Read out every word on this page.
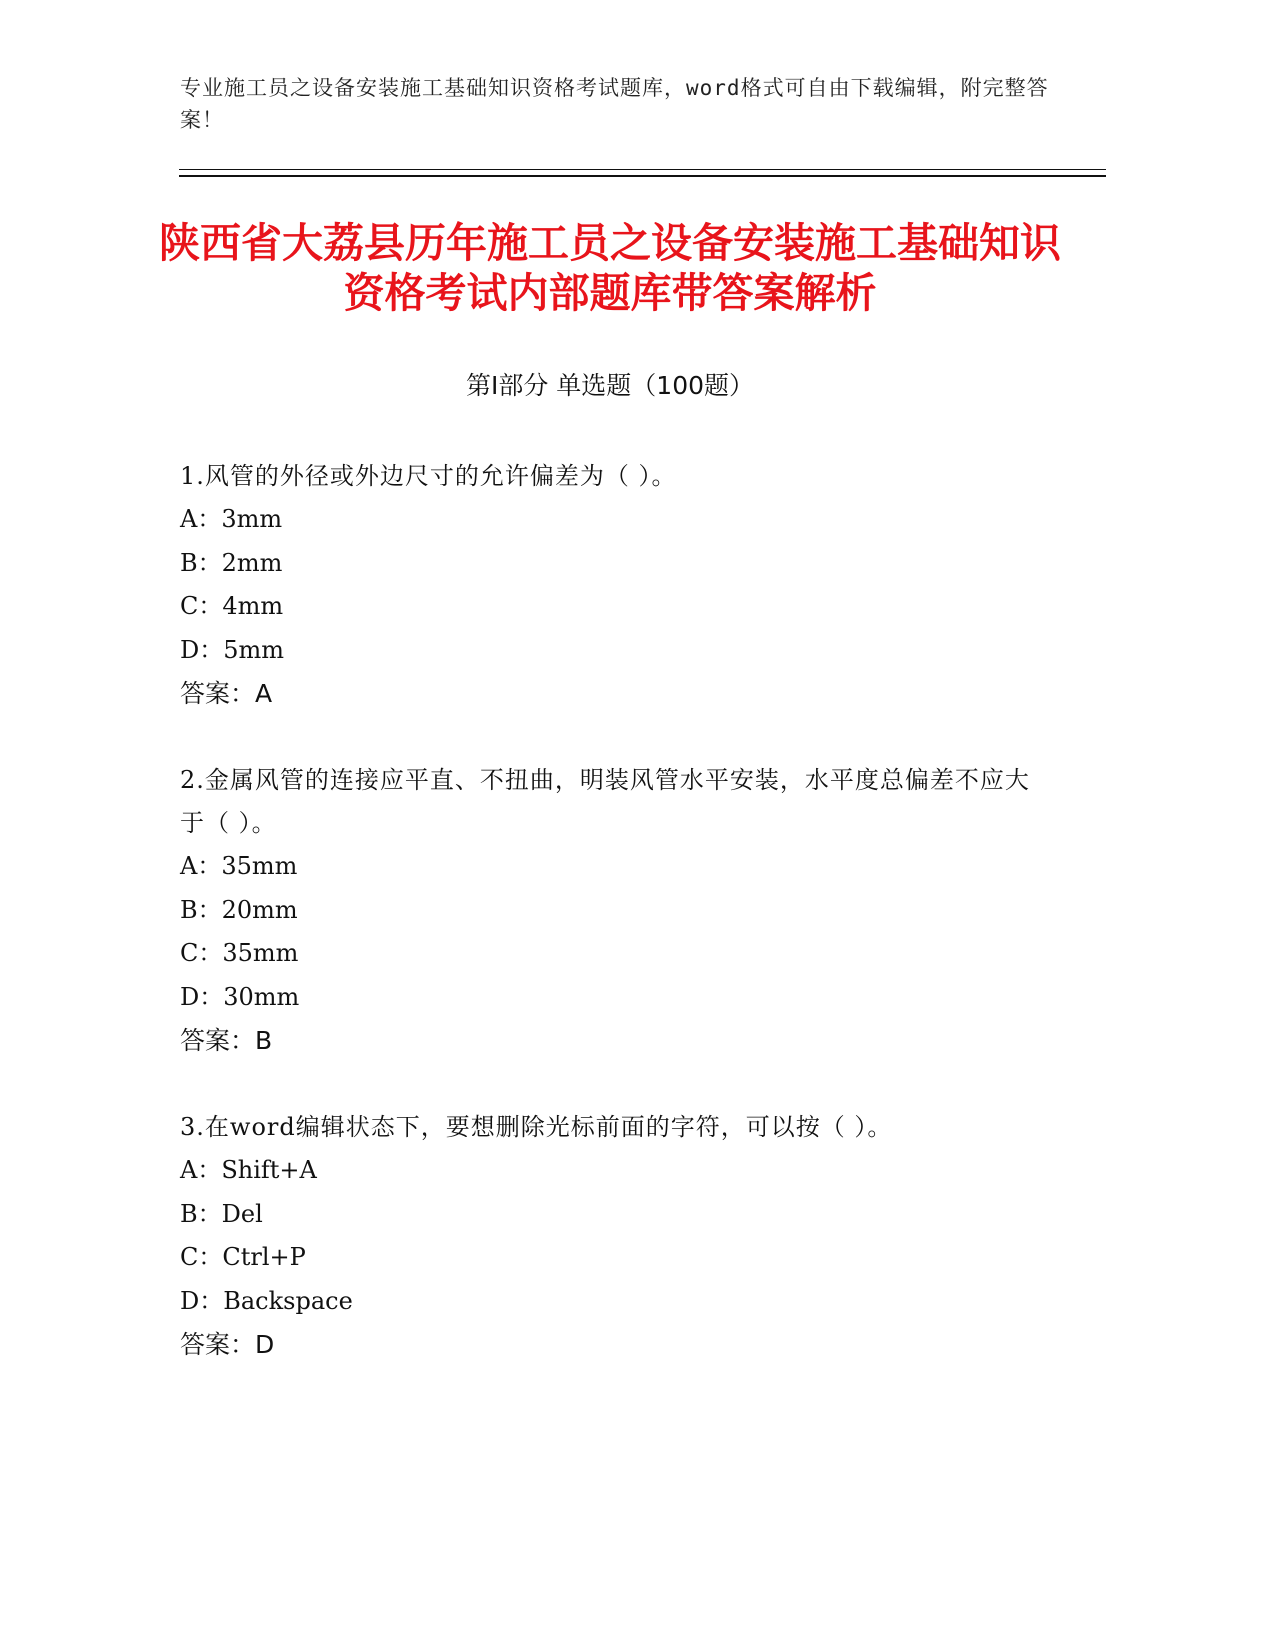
专业施工员之设备安装施工基础知识资格考试题库，word格式可自由下载编辑，附完整答案！
陕西省大荔县历年施工员之设备安装施工基础知识资格考试内部题库带答案解析
第Ⅰ部分 单选题（100题）

1.风管的外径或外边尺寸的允许偏差为（ ）。

A：3mm

B：2mm

C：4mm

D：5mm

答案：A

2.金属风管的连接应平直、不扭曲，明装风管水平安装，水平度总偏差不应大于（ ）。

A：35mm

B：20mm

C：35mm

D：30mm

答案：B

3.在word编辑状态下，要想删除光标前面的字符，可以按（ ）。

A：Shift+A

B：Del

C：Ctrl+P

D：Backspace

答案：D
